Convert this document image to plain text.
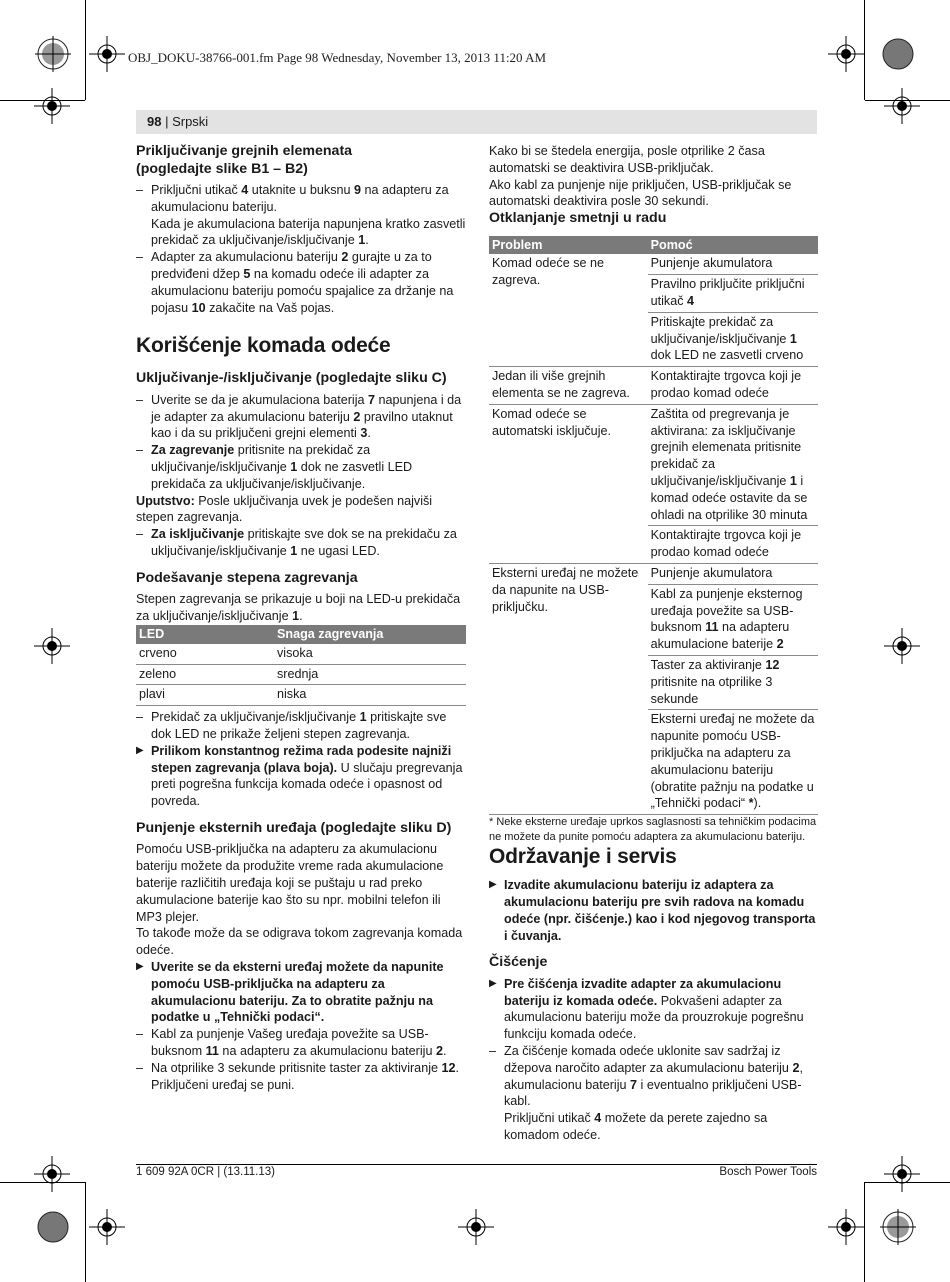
OBJ_DOKU-38766-001.fm Page 98 Wednesday, November 13, 2013 11:20 AM
98 | Srpski
Priključivanje grejnih elemenata
(pogledajte slike B1 – B2)
– Priključni utikač 4 utaknite u buksnu 9 na adapteru za akumulacionu bateriju.

Kada je akumulaciona baterija napunjena kratko zasvetli prekidač za uključivanje/isključivanje 1.

– Adapter za akumulacionu bateriju 2 gurajte u za to predviđeni džep 5 na komadu odeće ili adapter za akumulacionu bateriju pomoću spajalice za držanje na pojasu 10 zakačite na Vaš pojas.

Korišćenje komada odeće
Uključivanje-/isključivanje (pogledajte sliku C)
– Uverite se da je akumulaciona baterija 7 napunjena i da je adapter za akumulacionu bateriju 2 pravilno utaknut kao i da su priključeni grejni elementi 3.

– Za zagrevanje pritisnite na prekidač za uključivanje/isključivanje 1 dok ne zasvetli LED prekidača za uključivanje/isključivanje.

Uputstvo: Posle uključivanja uvek je podešen najviši stepen zagrevanja.

– Za isključivanje pritiskajte sve dok se na prekidaču za uključivanje/isključivanje 1 ne ugasi LED.

Podešavanje stepena zagrevanja

Stepen zagrevanja se prikazuje u boji na LED-u prekidača za uključivanje/isključivanje 1.

LED	Snaga zagrevanja
crveno	visoka
zeleno	srednja
plavi	niska
– Prekidač za uključivanje/isključivanje 1 pritiskajte sve dok LED ne prikaže željeni stepen zagrevanja.

▶ Prilikom konstantnog režima rada podesite najniži stepen zagrevanja (plava boja). U slučaju pregrevanja preti pogrešna funkcija komada odeće i opasnost od povreda.

Punjenje eksternih uređaja (pogledajte sliku D)

Pomoću USB-priključka na adapteru za akumulacionu bateriju možete da produžite vreme rada akumulacione baterije različitih uređaja koji se puštaju u rad preko akumulacione baterije kao što su npr. mobilni telefon ili MP3 plejer.

To takođe može da se odigrava tokom zagrevanja komada odeće.

▶ Uverite se da eksterni uređaj možete da napunite pomoću USB-priključka na adapteru za akumulacionu bateriju. Za to obratite pažnju na podatke u „Tehnički podaci“.

– Kabl za punjenje Vašeg uređaja povežite sa USB-buksnom 11 na adapteru za akumulacionu bateriju 2.

– Na otprilike 3 sekunde pritisnite taster za aktiviranje 12.

Priključeni uređaj se puni.

Kako bi se štedela energija, posle otprilike 2 časa automatski se deaktivira USB-priključak.

Ako kabl za punjenje nije priključen, USB-priključak se automatski deaktivira posle 30 sekundi.

Otklanjanje smetnji u radu
Problem	Pomoć
Komad odeće se ne zagreva.	Punjenje akumulatora
	Pravilno priključite priključni utikač 4
	Pritiskajte prekidač za uključivanje/isključivanje 1 dok LED ne zasvetli crveno
Jedan ili više grejnih elementa se ne zagreva.	Kontaktirajte trgovca koji je prodao komad odeće
Komad odeće se automatski isključuje.	Zaštita od pregrevanja je aktivirana: za isključivanje grejnih elemenata pritisnite prekidač za uključivanje/isključivanje 1 i komad odeće ostavite da se ohladi na otprilike 30 minuta
	Kontaktirajte trgovca koji je prodao komad odeće
Eksterni uređaj ne možete da napunite na USB-priključku.	Punjenje akumulatora
	Kabl za punjenje eksternog uređaja povežite sa USB-buksnom 11 na adapteru akumulacione baterije 2
	Taster za aktiviranje 12 pritisnite na otprilike 3 sekunde
	Eksterni uređaj ne možete da napunite pomoću USB-priključka na adapteru za akumulacionu bateriju (obratite pažnju na podatke u „Tehnički podaci“ *).

* Neke eksterne uređaje uprkos saglasnosti sa tehničkim podacima ne možete da punite pomoću adaptera za akumulacionu bateriju.

Održavanje i servis
▶ Izvadite akumulacionu bateriju iz adaptera za akumulacionu bateriju pre svih radova na komadu odeće (npr. čišćenje.) kao i kod njegovog transporta i čuvanja.

Čišćenje
▶ Pre čišćenja izvadite adapter za akumulacionu bateriju iz komada odeće. Pokvašeni adapter za akumulacionu bateriju može da prouzrokuje pogrešnu funkciju komada odeće.

– Za čišćenje komada odeće uklonite sav sadržaj iz džepova naročito adapter za akumulacionu bateriju 2, akumulacionu bateriju 7 i eventualno priključeni USB-kabl.

Priključni utikač 4 možete da perete zajedno sa komadom odeće.

1 609 92A 0CR | (13.11.13)	Bosch Power Tools
